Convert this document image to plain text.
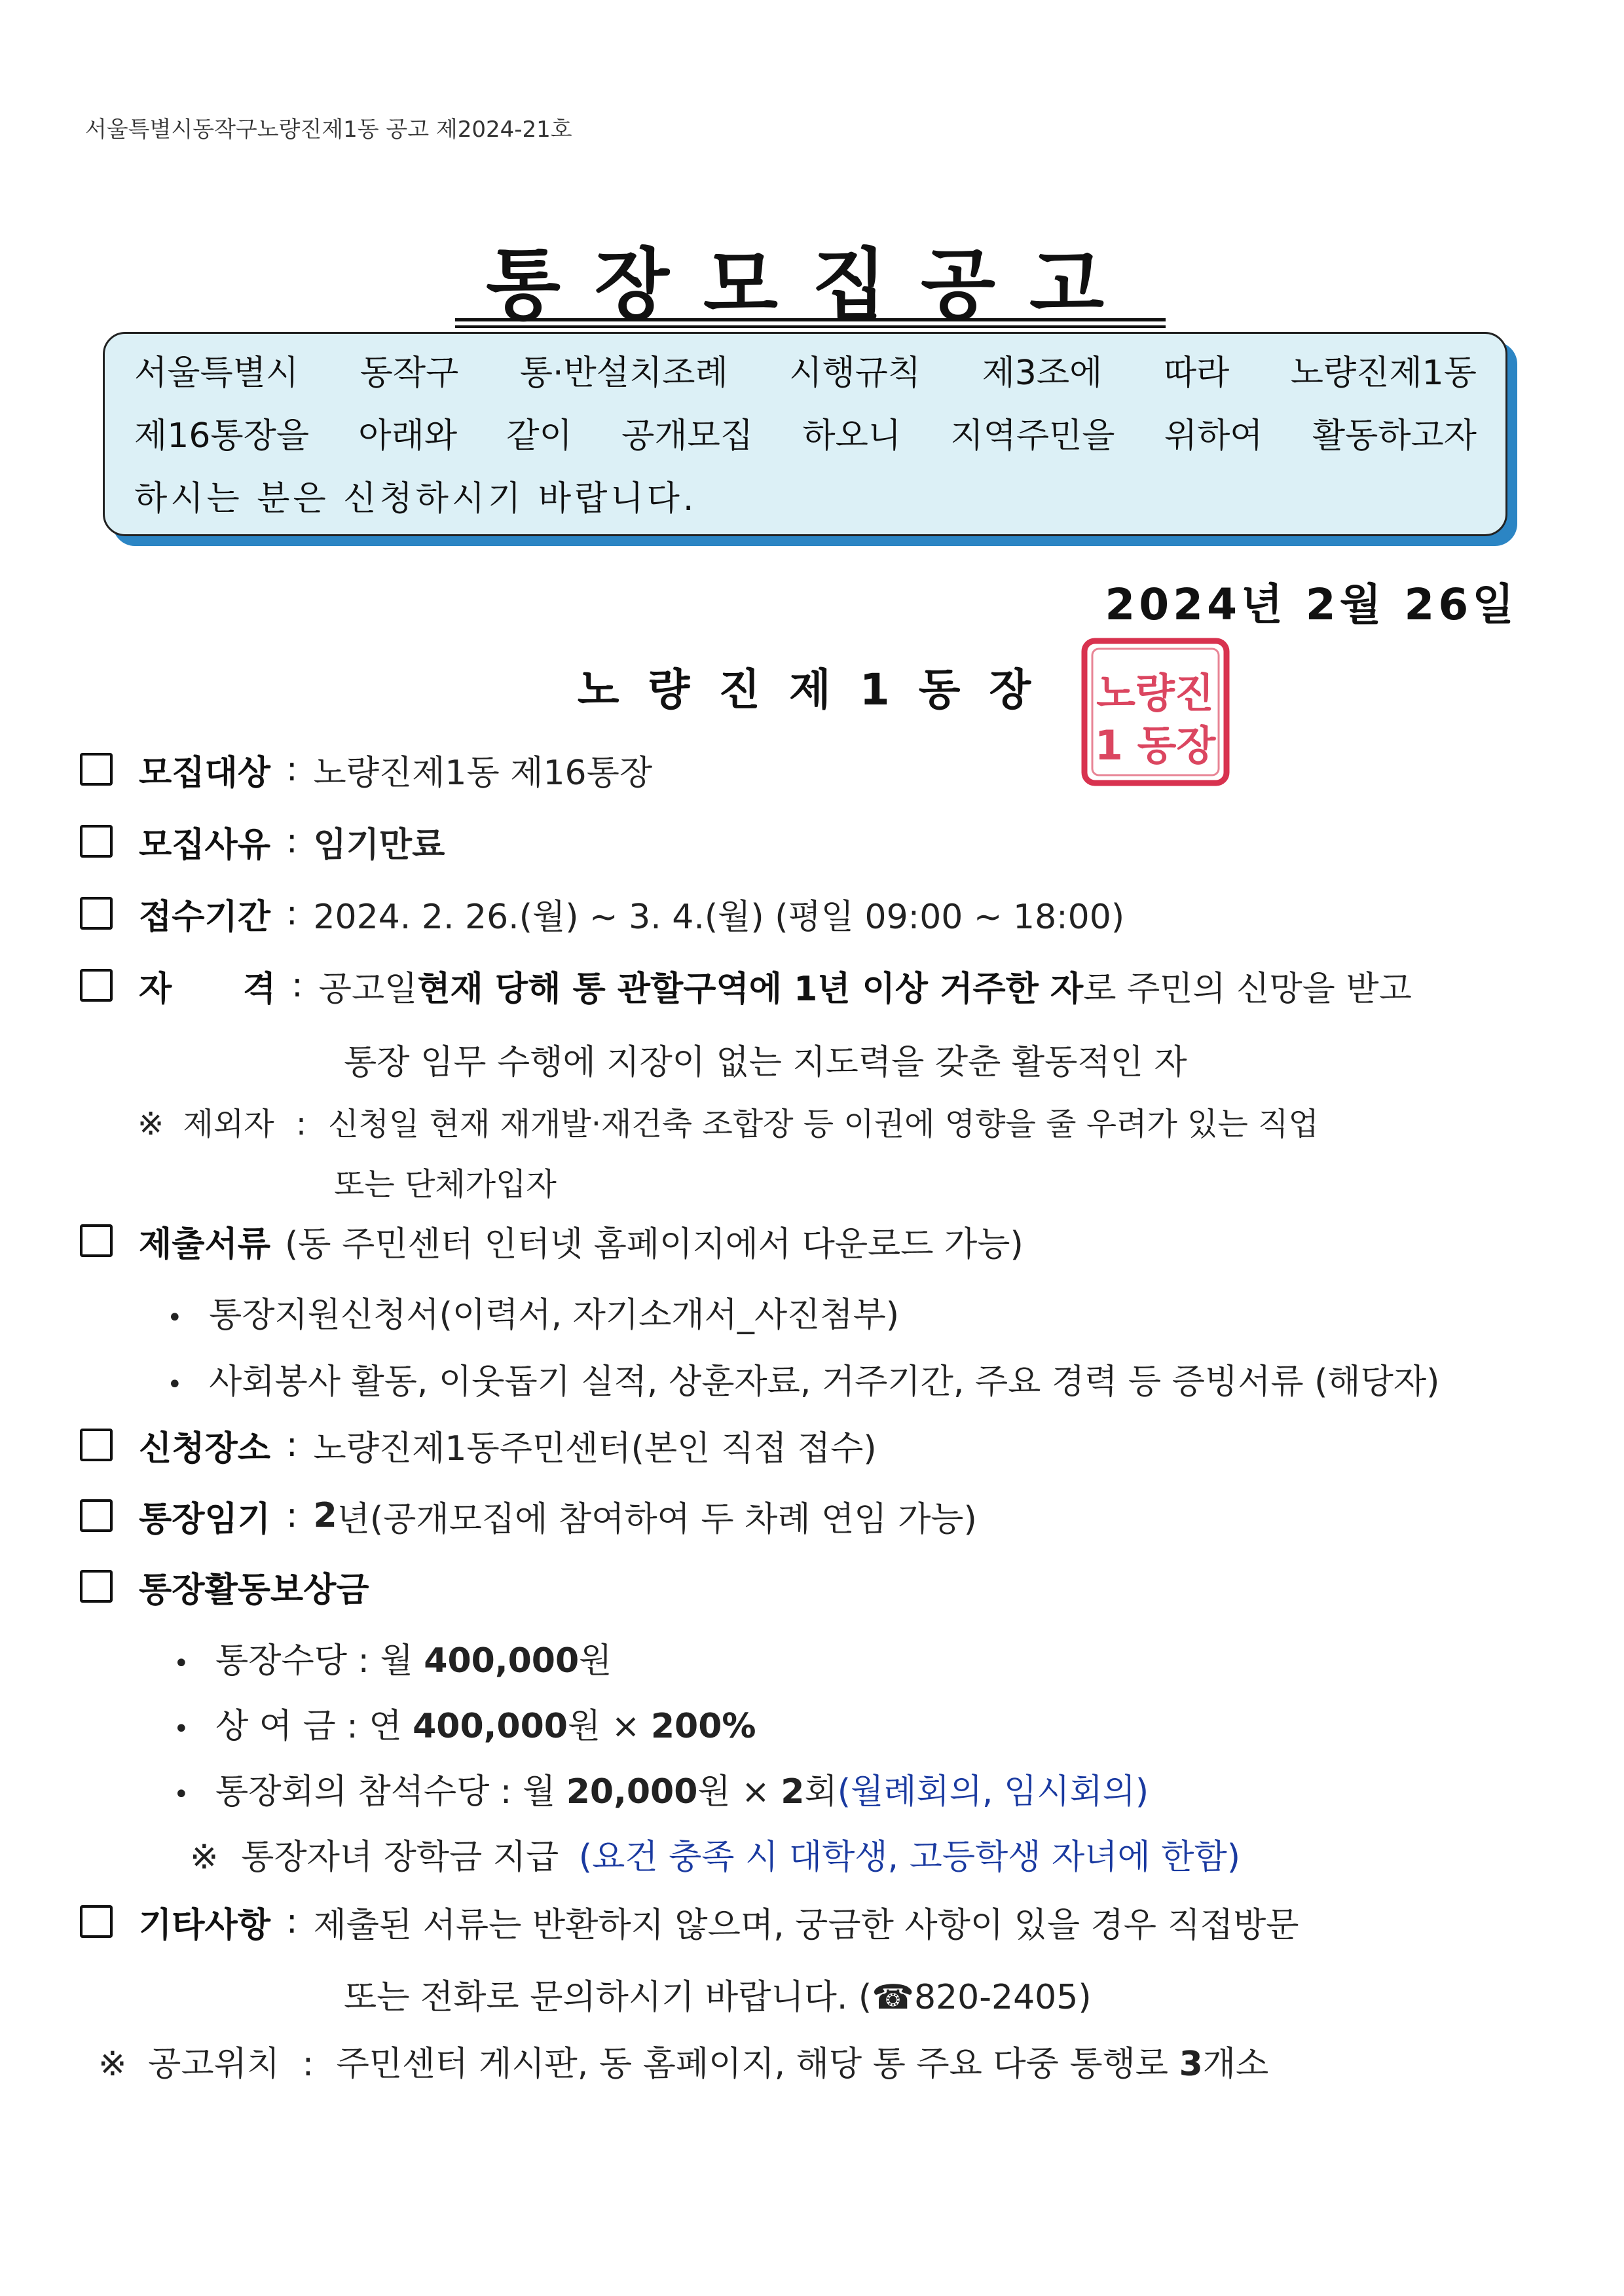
서울특별시동작구노량진제1동 공고 제2024-21호
통장모집공고
서울특별시 동작구 통·반설치조례 시행규칙 제3조에 따라 노량진제1동
제16통장을 아래와 같이 공개모집 하오니 지역주민을 위하여 활동하고자
하시는 분은 신청하시기 바랍니다.
2024년 2월 26일
노량진제1동장 노량진
1 동장
모집대상 : 노량진제1동 제16통장
모집사유 : 임기만료
접수기간 : 2024. 2. 26.(월) ~ 3. 4.(월) (평일 09:00 ~ 18:00)
자      격 : 공고일 현재 당해 통 관할구역에 1년 이상 거주한 자 로 주민의 신망을 받고
통장 임무 수행에 지장이 없는 지도력을 갖춘 활동적인 자
※ 제외자 : 신청일 현재 재개발·재건축 조합장 등 이권에 영향을 줄 우려가 있는 직업
또는 단체가입자
제출서류 (동 주민센터 인터넷 홈페이지에서 다운로드 가능)
• 통장지원신청서(이력서, 자기소개서_사진첨부)
• 사회봉사 활동, 이웃돕기 실적, 상훈자료, 거주기간, 주요 경력 등 증빙서류 (해당자)
신청장소 : 노량진제1동주민센터(본인 직접 접수)
통장임기 : 2 년(공개모집에 참여하여 두 차례 연임 가능)
통장활동보상금
• 통장수당 : 월 400,000원
• 상 여 금 : 연 400,000원 × 200%
• 통장회의 참석수당 : 월 20,000원 × 2회(월례회의, 임시회의)
※ 통장자녀 장학금 지급 (요건 충족 시 대학생, 고등학생 자녀에 한함)
기타사항 : 제출된 서류는 반환하지 않으며, 궁금한 사항이 있을 경우 직접방문
또는 전화로 문의하시기 바랍니다. (☎820-2405)
※ 공고위치 : 주민센터 게시판, 동 홈페이지, 해당 통 주요 다중 통행로 3개소
